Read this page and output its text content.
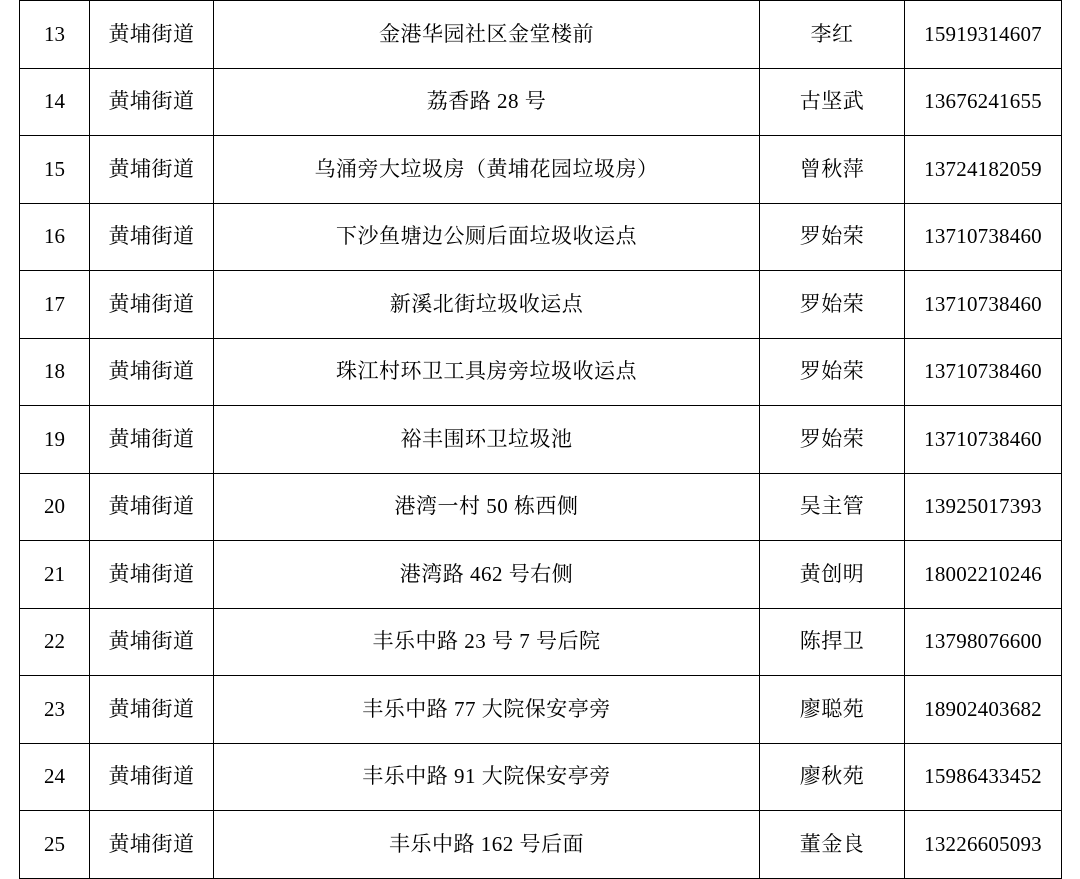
13	黄埔街道	金港华园社区金堂楼前	李红	15919314607
14	黄埔街道	荔香路 28 号	古坚武	13676241655
15	黄埔街道	乌涌旁大垃圾房（黄埔花园垃圾房）	曾秋萍	13724182059
16	黄埔街道	下沙鱼塘边公厕后面垃圾收运点	罗始荣	13710738460
17	黄埔街道	新溪北街垃圾收运点	罗始荣	13710738460
18	黄埔街道	珠江村环卫工具房旁垃圾收运点	罗始荣	13710738460
19	黄埔街道	裕丰围环卫垃圾池	罗始荣	13710738460
20	黄埔街道	港湾一村 50 栋西侧	吴主管	13925017393
21	黄埔街道	港湾路 462 号右侧	黄创明	18002210246
22	黄埔街道	丰乐中路 23 号 7 号后院	陈捍卫	13798076600
23	黄埔街道	丰乐中路 77 大院保安亭旁	廖聪苑	18902403682
24	黄埔街道	丰乐中路 91 大院保安亭旁	廖秋苑	15986433452
25	黄埔街道	丰乐中路 162 号后面	董金良	13226605093
